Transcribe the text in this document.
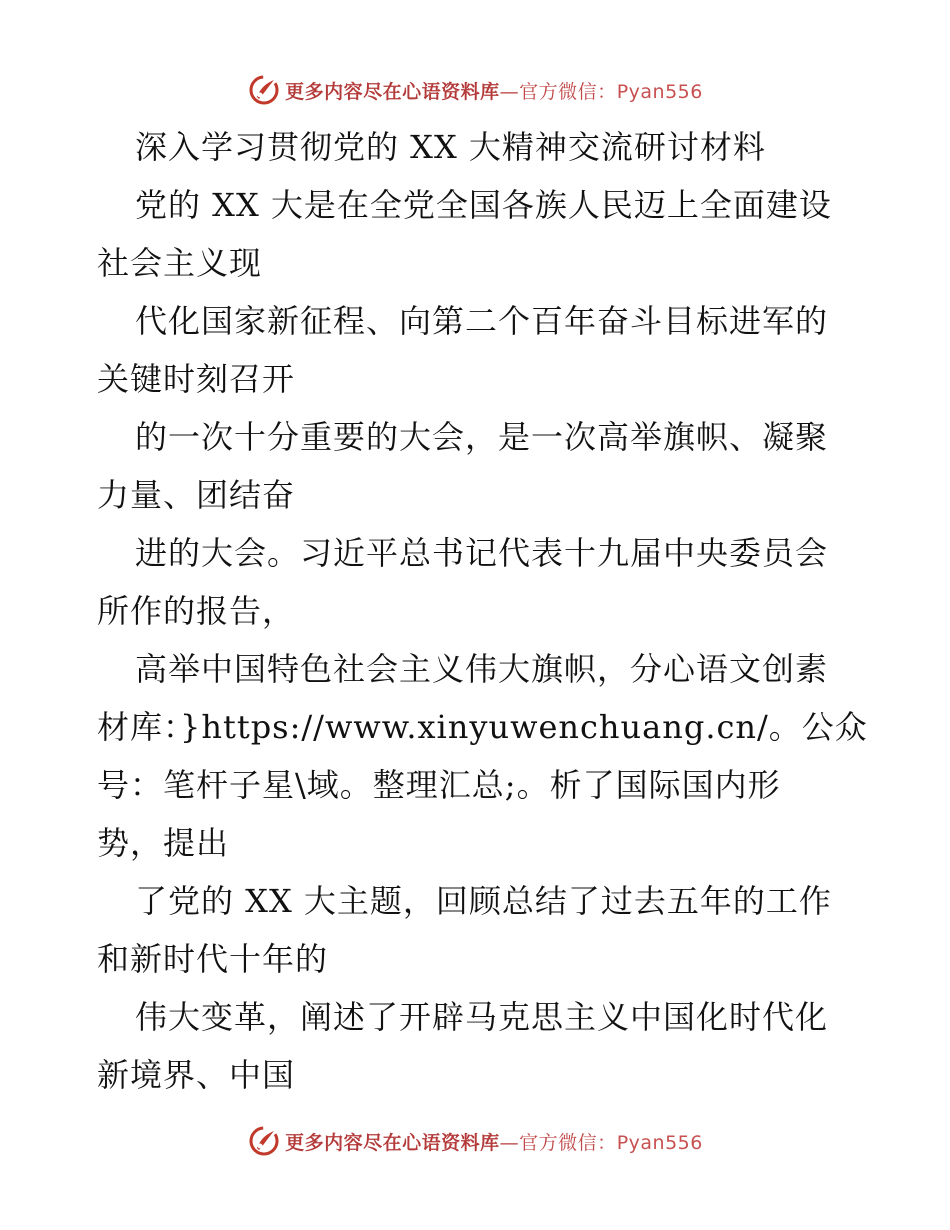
更多内容尽在心语资料库—官方微信：Pyan556
深入学习贯彻党的 XX 大精神交流研讨材料
党的 XX 大是在全党全国各族人民迈上全面建设
社会主义现
代化国家新征程、向第二个百年奋斗目标进军的
关键时刻召开
的一次十分重要的大会，是一次高举旗帜、凝聚
力量、团结奋
进的大会。习近平总书记代表十九届中央委员会
所作的报告，
高举中国特色社会主义伟大旗帜，分心语文创素
材库：}https://www.xinyuwenchuang.cn/。公众
号：笔杆子星\域。整理汇总;。析了国际国内形
势，提出
了党的 XX 大主题，回顾总结了过去五年的工作
和新时代十年的
伟大变革，阐述了开辟马克思主义中国化时代化
新境界、中国
更多内容尽在心语资料库—官方微信：Pyan556
